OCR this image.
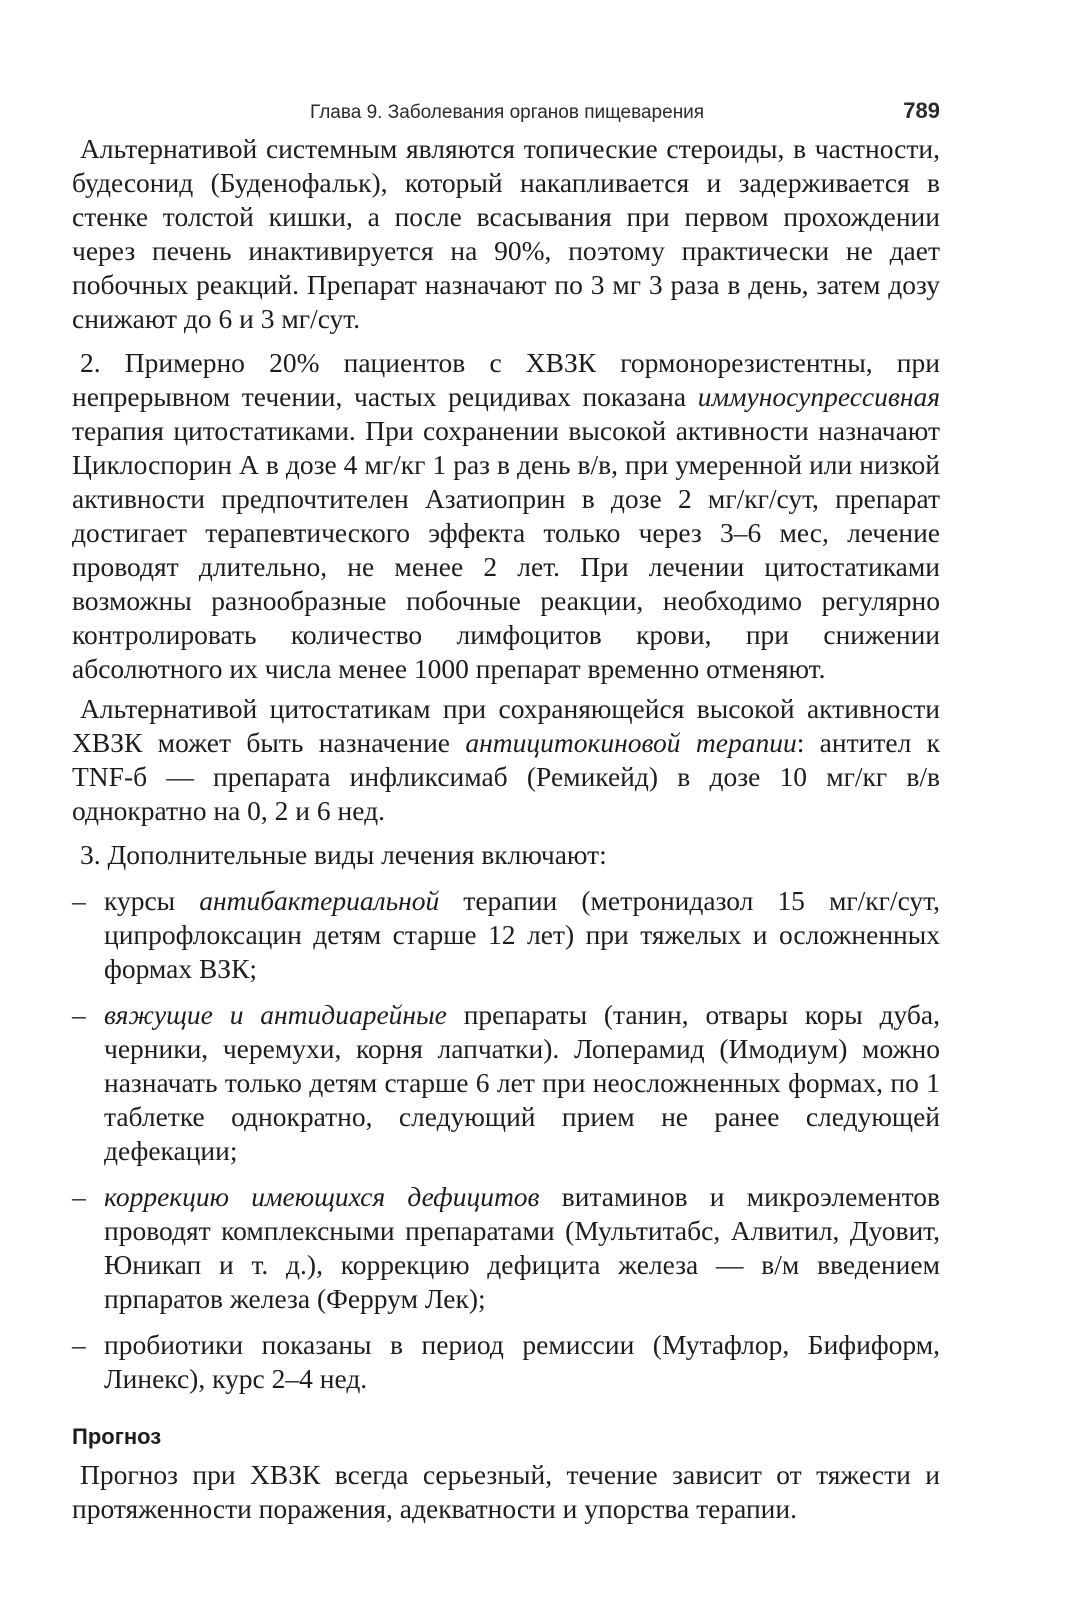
Глава 9. Заболевания органов пищеварения	789

Альтернативой системным являются топические стероиды, в частности, будесонид (Буденофальк), который накапливается и задерживается в стенке толстой кишки, а после всасывания при первом прохождении через печень инактивируется на 90%, поэтому практически не дает побочных реакций. Препарат назначают по 3 мг 3 раза в день, затем дозу снижают до 6 и 3 мг/сут.

2. Примерно 20% пациентов с ХВЗК гормонорезистентны, при непрерывном течении, частых рецидивах показана иммуносупрессивная терапия цитостатиками. При сохранении высокой активности назначают Циклоспорин А в дозе 4 мг/кг 1 раз в день в/в, при умеренной или низкой активности предпочтителен Азатиоприн в дозе 2 мг/кг/сут, препарат достигает терапевтического эффекта только через 3–6 мес, лечение проводят длительно, не менее 2 лет. При лечении цитостатиками возможны разнообразные побочные реакции, необходимо регулярно контролировать количество лимфоцитов крови, при снижении абсолютного их числа менее 1000 препарат временно отменяют.

Альтернативой цитостатикам при сохраняющейся высокой активности ХВЗК может быть назначение антицитокиновой терапии: антител к TNF-б — препарата инфликсимаб (Ремикейд) в дозе 10 мг/кг в/в однократно на 0, 2 и 6 нед.

3. Дополнительные виды лечения включают:

– курсы антибактериальной терапии (метронидазол 15 мг/кг/сут, ципрофлоксацин детям старше 12 лет) при тяжелых и осложненных формах ВЗК;
– вяжущие и антидиарейные препараты (танин, отвары коры дуба, черники, черемухи, корня лапчатки). Лоперамид (Имодиум) можно назначать только детям старше 6 лет при неосложненных формах, по 1 таблетке однократно, следующий прием не ранее следующей дефекации;
– коррекцию имеющихся дефицитов витаминов и микроэлементов проводят комплексными препаратами (Мультитабс, Алвитил, Дуовит, Юникап и т. д.), коррекцию дефицита железа — в/м введением прпаратов железа (Феррум Лек);
– пробиотики показаны в период ремиссии (Мутафлор, Бифиформ, Линекс), курс 2–4 нед.
Прогноз

Прогноз при ХВЗК всегда серьезный, течение зависит от тяжести и протяженности поражения, адекватности и упорства терапии.
